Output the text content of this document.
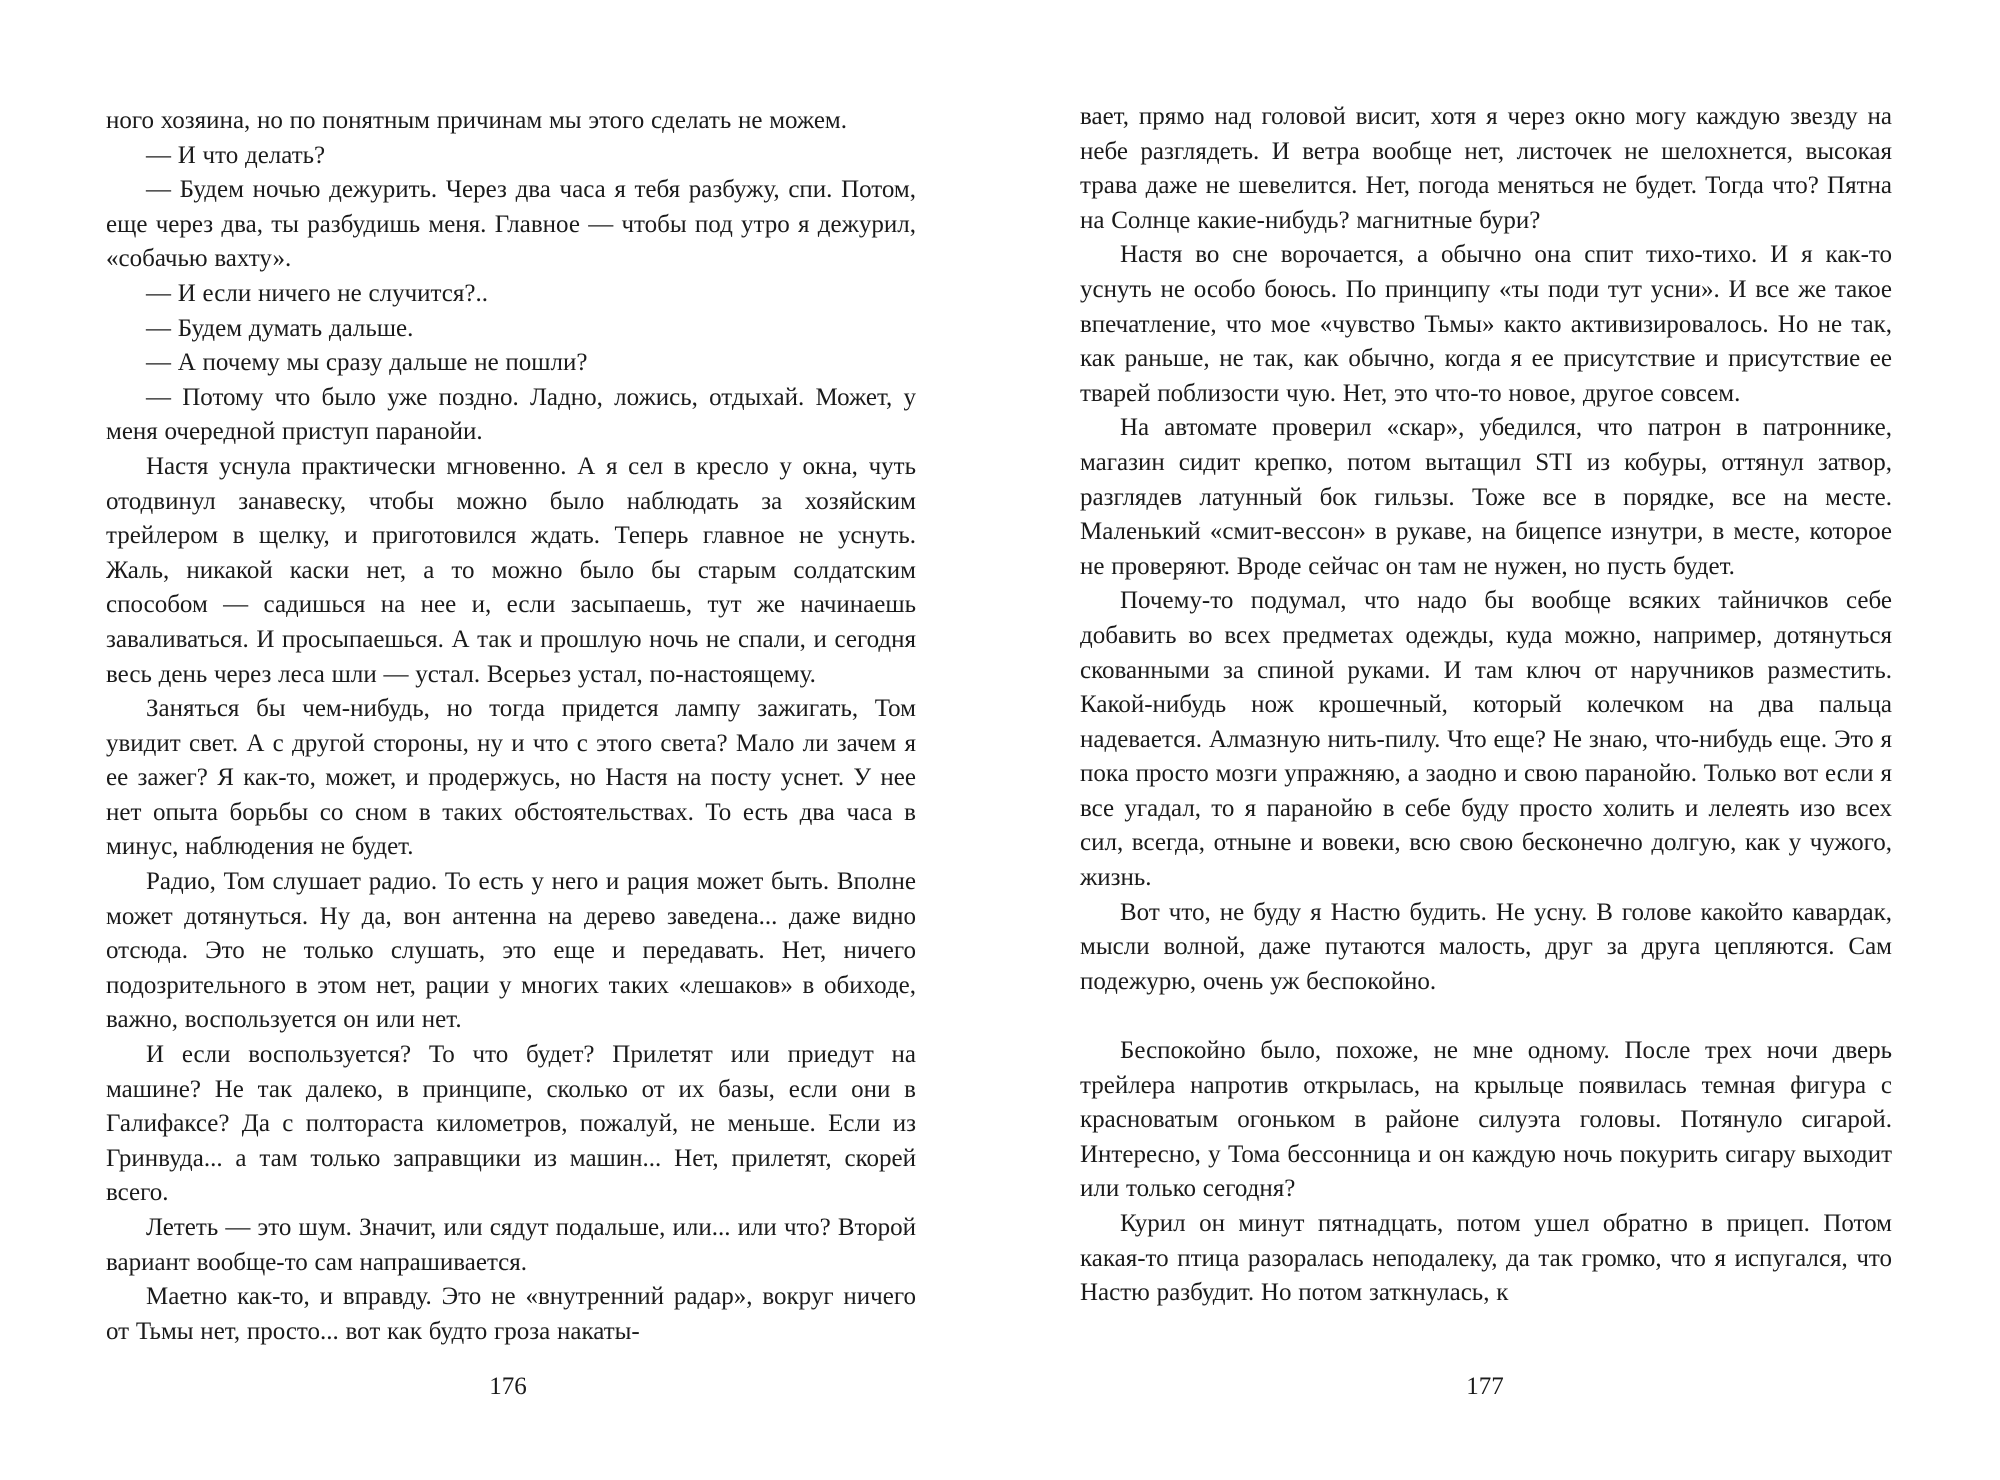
ного хозяина, но по понятным причинам мы этого сделать не можем.

— И что делать?

— Будем ночью дежурить. Через два часа я тебя разбужу, спи. Потом, еще через два, ты разбудишь меня. Главное — чтобы под утро я дежурил, «собачью вахту».

— И если ничего не случится?..

— Будем думать дальше.

— А почему мы сразу дальше не пошли?

— Потому что было уже поздно. Ладно, ложись, отдыхай. Может, у меня очередной приступ паранойи.

Настя уснула практически мгновенно. А я сел в кресло у окна, чуть отодвинул занавеску, чтобы можно было наблюдать за хозяйским трейлером в щелку, и приготовился ждать. Теперь главное не уснуть. Жаль, никакой каски нет, а то можно было бы старым солдатским способом — садишься на нее и, если засыпаешь, тут же начинаешь заваливаться. И просыпаешься. А так и прошлую ночь не спали, и сегодня весь день через леса шли — устал. Всерьез устал, по-настоящему.

Заняться бы чем-нибудь, но тогда придется лампу зажигать, Том увидит свет. А с другой стороны, ну и что с этого света? Мало ли зачем я ее зажег? Я как-то, может, и продержусь, но Настя на посту уснет. У нее нет опыта борьбы со сном в таких обстоятельствах. То есть два часа в минус, наблюдения не будет.

Радио, Том слушает радио. То есть у него и рация может быть. Вполне может дотянуться. Ну да, вон антенна на дерево заведена... даже видно отсюда. Это не только слушать, это еще и передавать. Нет, ничего подозрительного в этом нет, рации у многих таких «лешаков» в обиходе, важно, воспользуется он или нет.

И если воспользуется? То что будет? Прилетят или приедут на машине? Не так далеко, в принципе, сколько от их базы, если они в Галифаксе? Да с полтораста километров, пожалуй, не меньше. Если из Гринвуда... а там только заправщики из машин... Нет, прилетят, скорей всего.

Лететь — это шум. Значит, или сядут подальше, или... или что? Второй вариант вообще-то сам напрашивается.

Маетно как-то, и вправду. Это не «внутренний радар», вокруг ничего от Тьмы нет, просто... вот как будто гроза накаты-

176

вает, прямо над головой висит, хотя я через окно могу каждую звезду на небе разглядеть. И ветра вообще нет, листочек не шелохнется, высокая трава даже не шевелится. Нет, погода меняться не будет. Тогда что? Пятна на Солнце какие-нибудь? магнитные бури?

Настя во сне ворочается, а обычно она спит тихо-тихо. И я как-то уснуть не особо боюсь. По принципу «ты поди тут усни». И все же такое впечатление, что мое «чувство Тьмы» както активизировалось. Но не так, как раньше, не так, как обычно, когда я ее присутствие и присутствие ее тварей поблизости чую. Нет, это что-то новое, другое совсем.

На автомате проверил «скар», убедился, что патрон в патроннике, магазин сидит крепко, потом вытащил STI из кобуры, оттянул затвор, разглядев латунный бок гильзы. Тоже все в порядке, все на месте. Маленький «смит-вессон» в рукаве, на бицепсе изнутри, в месте, которое не проверяют. Вроде сейчас он там не нужен, но пусть будет.

Почему-то подумал, что надо бы вообще всяких тайничков себе добавить во всех предметах одежды, куда можно, например, дотянуться скованными за спиной руками. И там ключ от наручников разместить. Какой-нибудь нож крошечный, который колечком на два пальца надевается. Алмазную нить-пилу. Что еще? Не знаю, что-нибудь еще. Это я пока просто мозги упражняю, а заодно и свою паранойю. Только вот если я все угадал, то я паранойю в себе буду просто холить и лелеять изо всех сил, всегда, отныне и вовеки, всю свою бесконечно долгую, как у чужого, жизнь.

Вот что, не буду я Настю будить. Не усну. В голове какойто кавардак, мысли волной, даже путаются малость, друг за друга цепляются. Сам подежурю, очень уж беспокойно.

Беспокойно было, похоже, не мне одному. После трех ночи дверь трейлера напротив открылась, на крыльце появилась темная фигура с красноватым огоньком в районе силуэта головы. Потянуло сигарой. Интересно, у Тома бессонница и он каждую ночь покурить сигару выходит или только сегодня?

Курил он минут пятнадцать, потом ушел обратно в прицеп. Потом какая-то птица разоралась неподалеку, да так громко, что я испугался, что Настю разбудит. Но потом заткнулась, к

177
